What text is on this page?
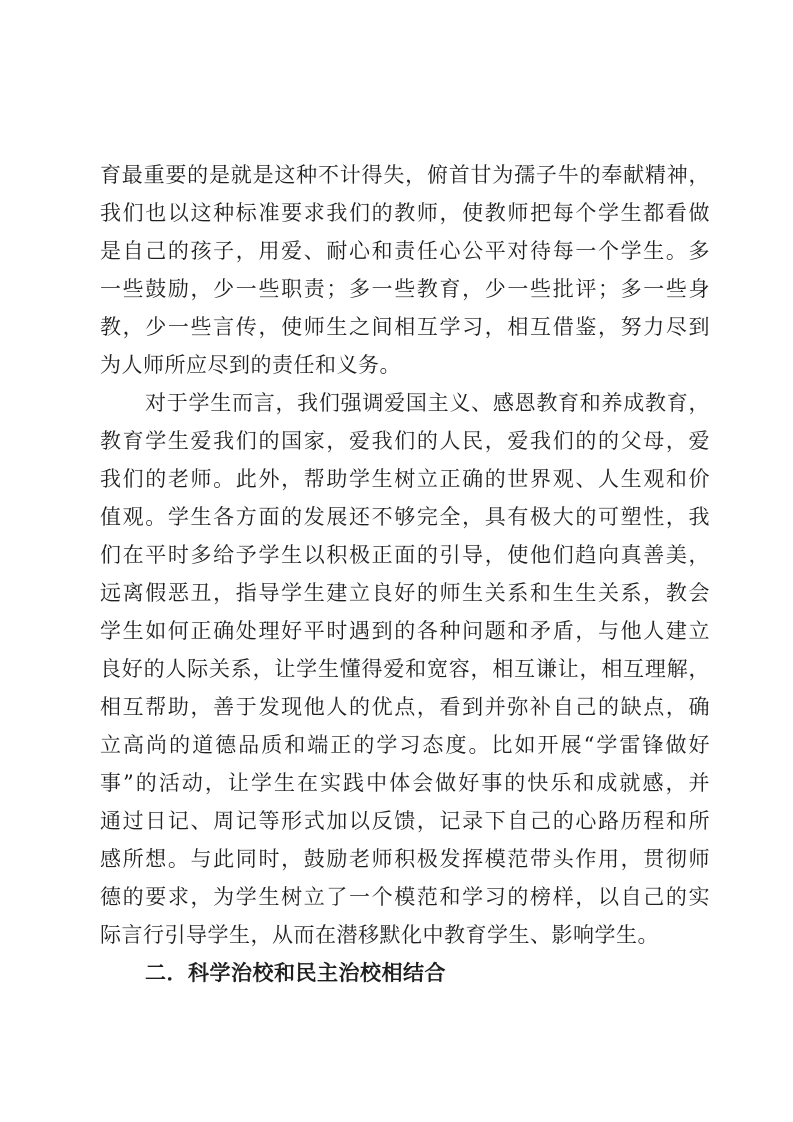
育最重要的是就是这种不计得失，俯首甘为孺子牛的奉献精神，
我们也以这种标准要求我们的教师，使教师把每个学生都看做
是自己的孩子，用爱、耐心和责任心公平对待每一个学生。多
一些鼓励，少一些职责；多一些教育，少一些批评；多一些身
教，少一些言传，使师生之间相互学习，相互借鉴，努力尽到
为人师所应尽到的责任和义务。
对于学生而言，我们强调爱国主义、感恩教育和养成教育，
教育学生爱我们的国家，爱我们的人民，爱我们的的父母，爱
我们的老师。此外，帮助学生树立正确的世界观、人生观和价
值观。学生各方面的发展还不够完全，具有极大的可塑性，我
们在平时多给予学生以积极正面的引导，使他们趋向真善美，
远离假恶丑，指导学生建立良好的师生关系和生生关系，教会
学生如何正确处理好平时遇到的各种问题和矛盾，与他人建立
良好的人际关系，让学生懂得爱和宽容，相互谦让，相互理解，
相互帮助，善于发现他人的优点，看到并弥补自己的缺点，确
立高尚的道德品质和端正的学习态度。比如开展“学雷锋做好
事”的活动，让学生在实践中体会做好事的快乐和成就感，并
通过日记、周记等形式加以反馈，记录下自己的心路历程和所
感所想。与此同时，鼓励老师积极发挥模范带头作用，贯彻师
德的要求，为学生树立了一个模范和学习的榜样，以自己的实
际言行引导学生，从而在潜移默化中教育学生、影响学生。
二．科学治校和民主治校相结合
